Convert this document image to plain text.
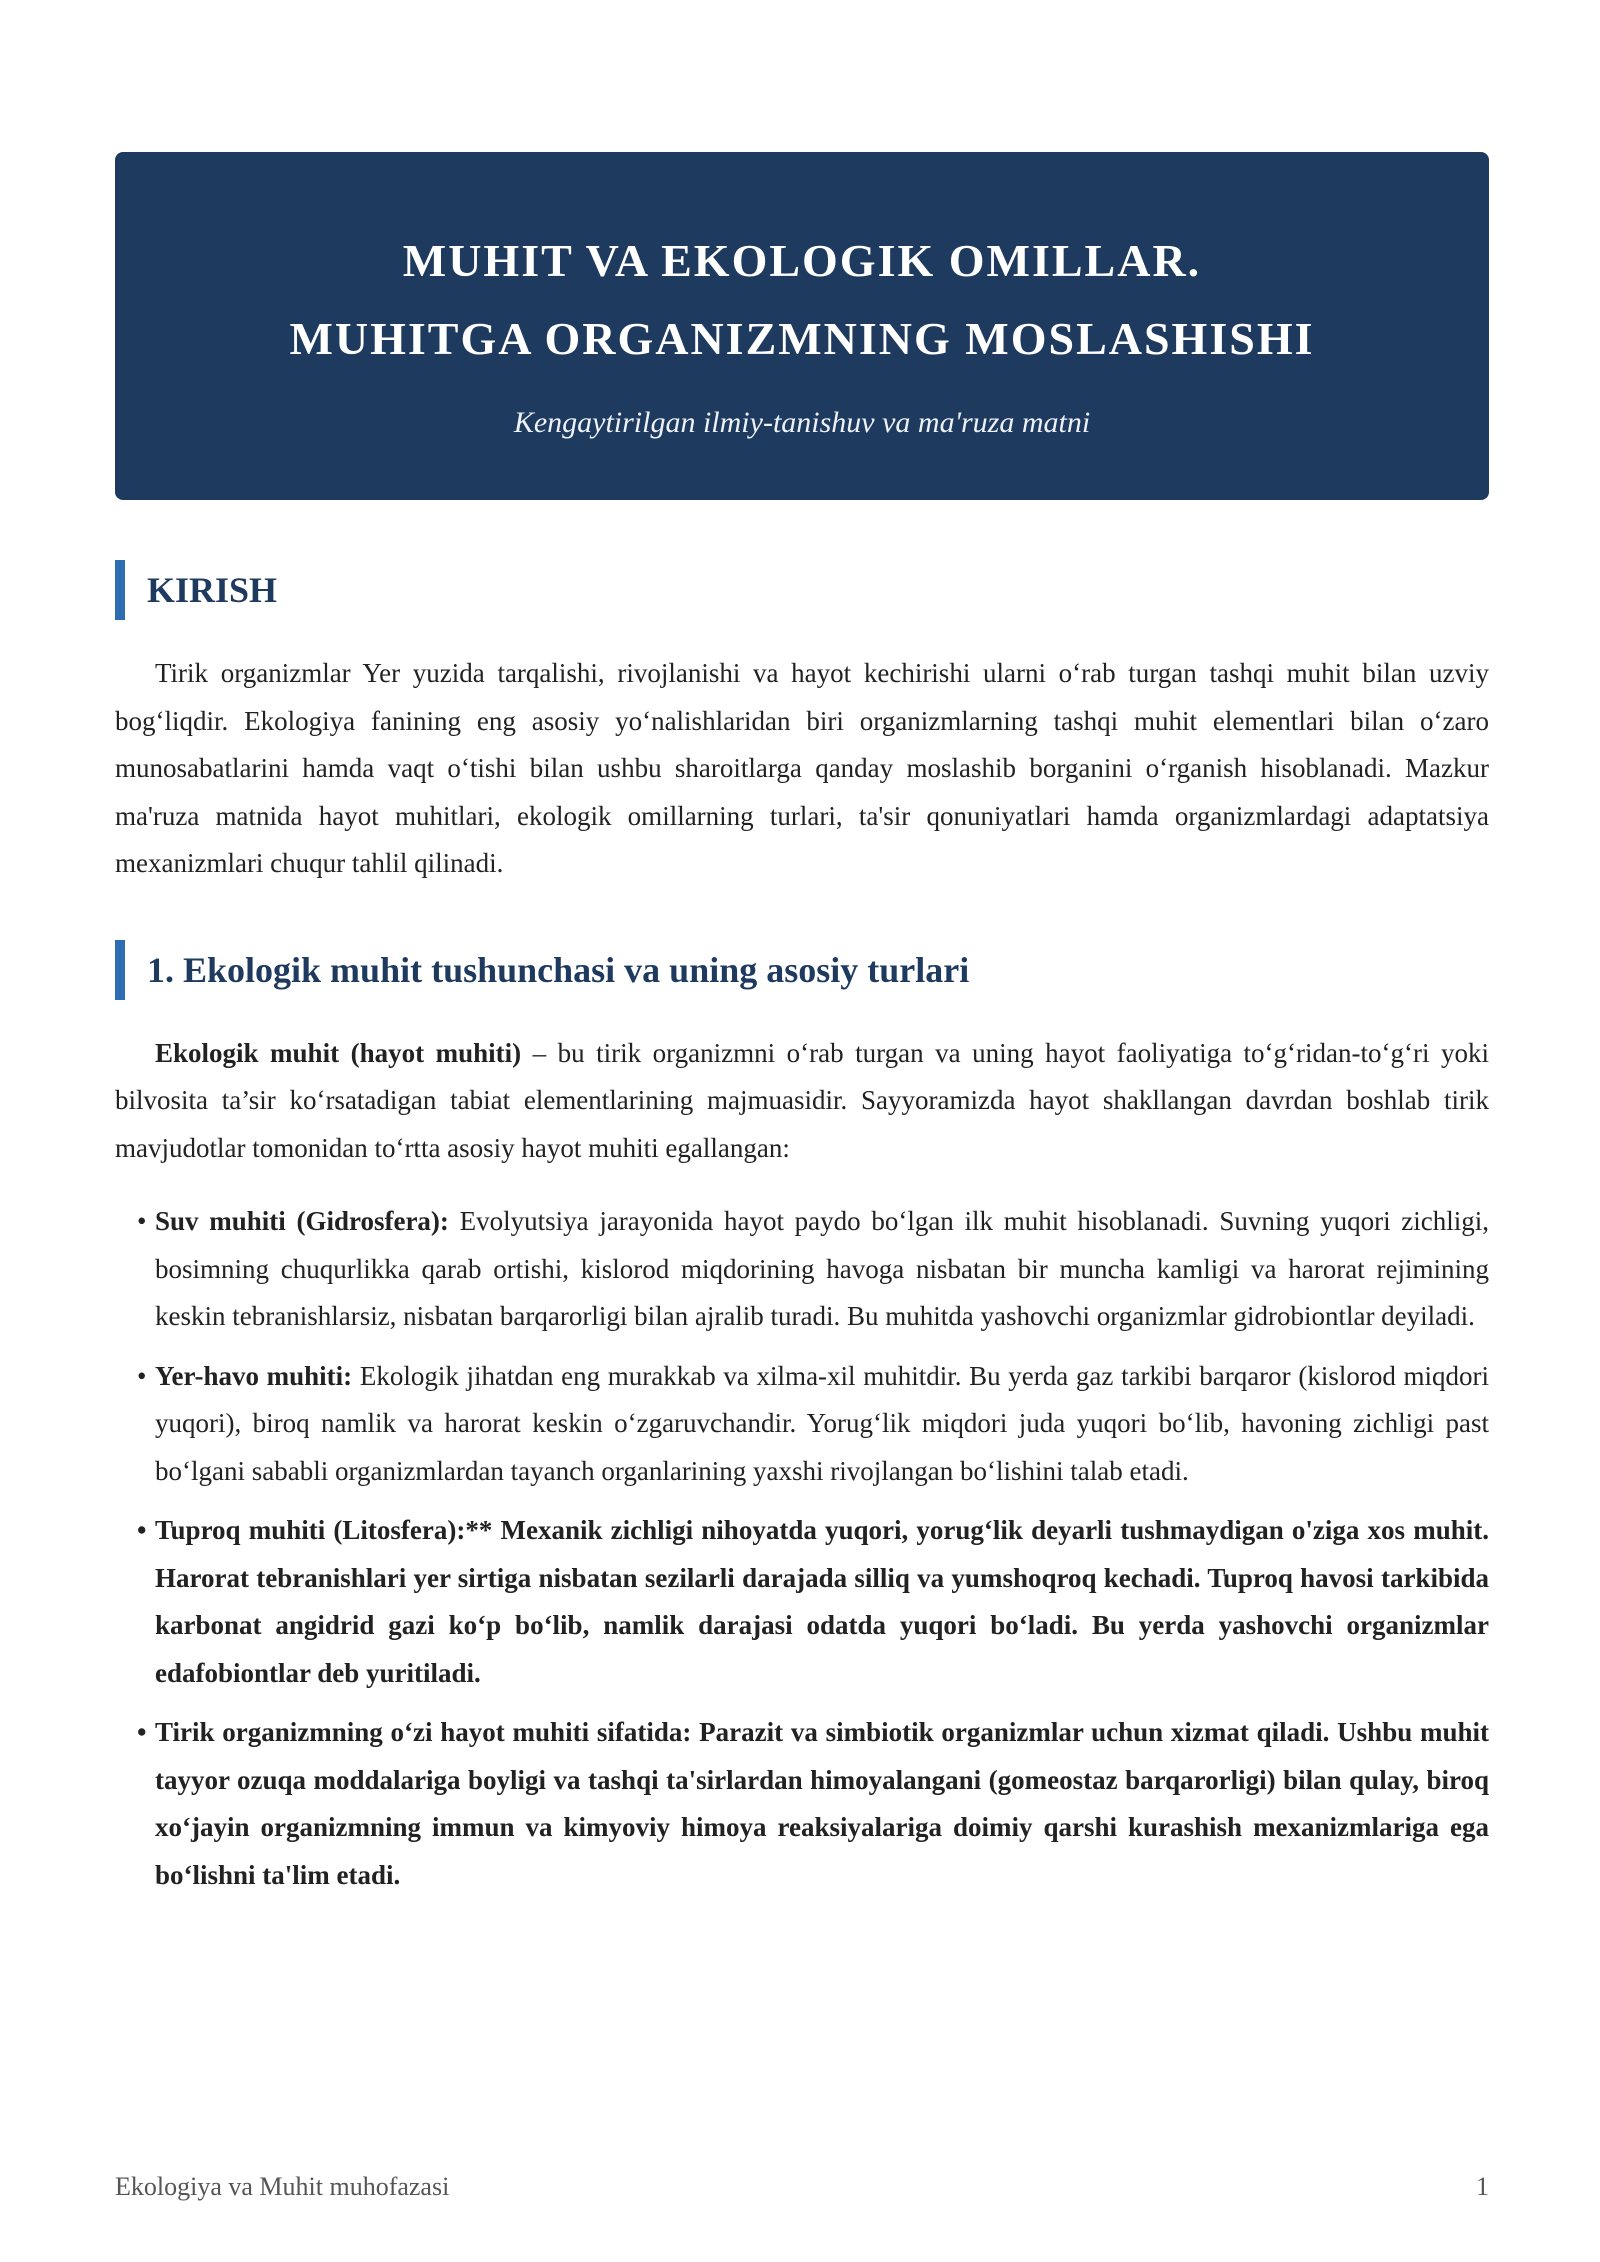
MUHIT VA EKOLOGIK OMILLAR.
MUHITGA ORGANIZMNING MOSLASHISHI
Kengaytirilgan ilmiy-tanishuv va ma'ruza matni
KIRISH

Tirik organizmlar Yer yuzida tarqalishi, rivojlanishi va hayot kechirishi ularni o‘rab turgan tashqi muhit bilan uzviy bog‘liqdir. Ekologiya fanining eng asosiy yo‘nalishlaridan biri organizmlarning tashqi muhit elementlari bilan o‘zaro munosabatlarini hamda vaqt o‘tishi bilan ushbu sharoitlarga qanday moslashib borganini o‘rganish hisoblanadi. Mazkur ma'ruza matnida hayot muhitlari, ekologik omillarning turlari, ta'sir qonuniyatlari hamda organizmlardagi adaptatsiya mexanizmlari chuqur tahlil qilinadi.

1. Ekologik muhit tushunchasi va uning asosiy turlari

Ekologik muhit (hayot muhiti) – bu tirik organizmni o‘rab turgan va uning hayot faoliyatiga to‘g‘ridan-to‘g‘ri yoki bilvosita ta’sir ko‘rsatadigan tabiat elementlarining majmuasidir. Sayyoramizda hayot shakllangan davrdan boshlab tirik mavjudotlar tomonidan to‘rtta asosiy hayot muhiti egallangan:

• Suv muhiti (Gidrosfera): Evolyutsiya jarayonida hayot paydo bo‘lgan ilk muhit hisoblanadi. Suvning yuqori zichligi, bosimning chuqurlikka qarab ortishi, kislorod miqdorining havoga nisbatan bir muncha kamligi va harorat rejimining keskin tebranishlarsiz, nisbatan barqarorligi bilan ajralib turadi. Bu muhitda yashovchi organizmlar gidrobiontlar deyiladi.
• Yer-havo muhiti: Ekologik jihatdan eng murakkab va xilma-xil muhitdir. Bu yerda gaz tarkibi barqaror (kislorod miqdori yuqori), biroq namlik va harorat keskin o‘zgaruvchandir. Yorug‘lik miqdori juda yuqori bo‘lib, havoning zichligi past bo‘lgani sababli organizmlardan tayanch organlarining yaxshi rivojlangan bo‘lishini talab etadi.
• Tuproq muhiti (Litosfera):** Mexanik zichligi nihoyatda yuqori, yorug‘lik deyarli tushmaydigan o'ziga xos muhit. Harorat tebranishlari yer sirtiga nisbatan sezilarli darajada silliq va yumshoqroq kechadi. Tuproq havosi tarkibida karbonat angidrid gazi ko‘p bo‘lib, namlik darajasi odatda yuqori bo‘ladi. Bu yerda yashovchi organizmlar edafobiontlar deb yuritiladi.
• Tirik organizmning o‘zi hayot muhiti sifatida: Parazit va simbiotik organizmlar uchun xizmat qiladi. Ushbu muhit tayyor ozuqa moddalariga boyligi va tashqi ta'sirlardan himoyalangani (gomeostaz barqarorligi) bilan qulay, biroq xo‘jayin organizmning immun va kimyoviy himoya reaksiyalariga doimiy qarshi kurashish mexanizmlariga ega bo‘lishni ta'lim etadi.
Ekologiya va Muhit muhofazasi	1
